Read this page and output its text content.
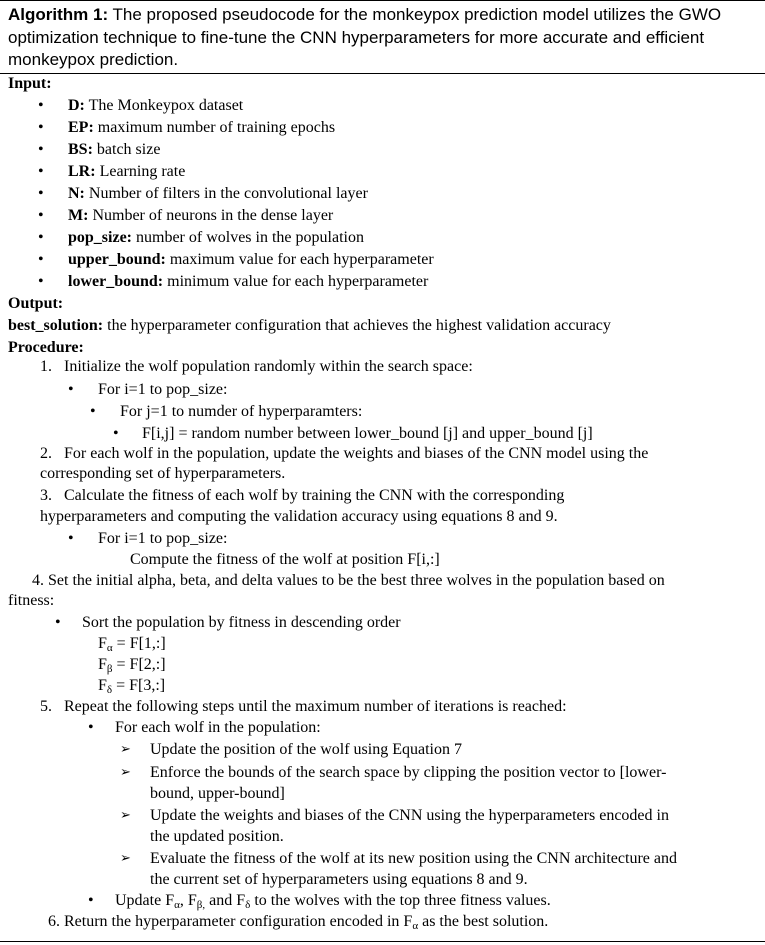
Algorithm 1: The proposed pseudocode for the monkeypox prediction model utilizes the GWO optimization technique to fine-tune the CNN hyperparameters for more accurate and efficient monkeypox prediction.
Input:
• D: The Monkeypox dataset
• EP: maximum number of training epochs
• BS: batch size
• LR: Learning rate
• N: Number of filters in the convolutional layer
• M: Number of neurons in the dense layer
• pop_size: number of wolves in the population
• upper_bound: maximum value for each hyperparameter
• lower_bound: minimum value for each hyperparameter
Output:
best_solution: the hyperparameter configuration that achieves the highest validation accuracy
Procedure:
1.   Initialize the wolf population randomly within the search space:
• For i=1 to pop_size:
• For j=1 to numder of hyperparamters:
• F[i,j] = random number between lower_bound [j] and upper_bound [j]
2.   For each wolf in the population, update the weights and biases of the CNN model using the
corresponding set of hyperparameters.
3.   Calculate the fitness of each wolf by training the CNN with the corresponding
hyperparameters and computing the validation accuracy using equations 8 and 9.
• For i=1 to pop_size:
Compute the fitness of the wolf at position F[i,:]
4. Set the initial alpha, beta, and delta values to be the best three wolves in the population based on
fitness:
• Sort the population by fitness in descending order
$F_\alpha$ = F[1,:]
$F_\beta$ = F[2,:]
$F_\delta$ = F[3,:]
5.   Repeat the following steps until the maximum number of iterations is reached:
• For each wolf in the population:
➢ Update the position of the wolf using Equation 7
➢ Enforce the bounds of the search space by clipping the position vector to [lower-
bound, upper-bound]
➢ Update the weights and biases of the CNN using the hyperparameters encoded in
the updated position.
➢ Evaluate the fitness of the wolf at its new position using the CNN architecture and
the current set of hyperparameters using equations 8 and 9.
• Update $F_\alpha$, $F_{\beta,}$ and $F_\delta$ to the wolves with the top three fitness values.
6. Return the hyperparameter configuration encoded in $F_\alpha$ as the best solution.
